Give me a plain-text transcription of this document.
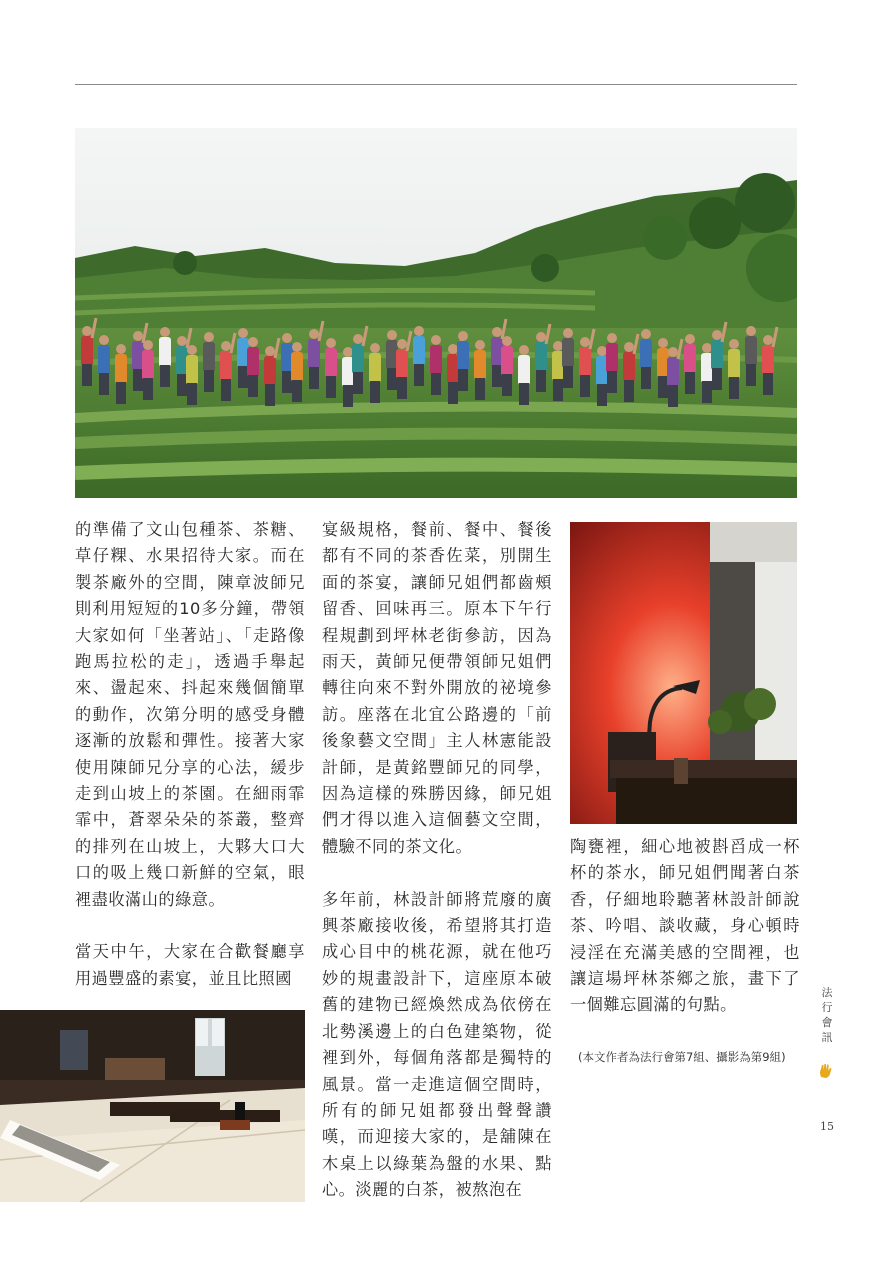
的準備了文山包種茶、茶糖、草仔粿、水果招待大家。而在製茶廠外的空間，陳章波師兄則利用短短的10多分鐘，帶領大家如何「坐著站」、「走路像跑馬拉松的走」，透過手舉起來、盪起來、抖起來幾個簡單的動作，次第分明的感受身體逐漸的放鬆和彈性。接著大家使用陳師兄分享的心法，緩步走到山坡上的茶園。在細雨霏霏中，蒼翠朵朵的茶叢，整齊的排列在山坡上，大夥大口大口的吸上幾口新鮮的空氣，眼裡盡收滿山的綠意。

當天中午，大家在合歡餐廳享用過豐盛的素宴，並且比照國

宴級規格，餐前、餐中、餐後都有不同的茶香佐菜，別開生面的茶宴，讓師兄姐們都齒頰留香、回味再三。原本下午行程規劃到坪林老街參訪，因為雨天，黃師兄便帶領師兄姐們轉往向來不對外開放的祕境參訪。座落在北宜公路邊的「前後象藝文空間」主人林憲能設計師，是黃銘豐師兄的同學，因為這樣的殊勝因緣，師兄姐們才得以進入這個藝文空間，體驗不同的茶文化。

多年前，林設計師將荒廢的廣興茶廠接收後，希望將其打造成心目中的桃花源，就在他巧妙的規畫設計下，這座原本破舊的建物已經煥然成為依傍在北勢溪邊上的白色建築物，從裡到外，每個角落都是獨特的風景。當一走進這個空間時，所有的師兄姐都發出聲聲讚嘆，而迎接大家的，是舖陳在木桌上以綠葉為盤的水果、點心。淡麗的白茶，被熬泡在

陶甕裡，細心地被斟舀成一杯杯的茶水，師兄姐們聞著白茶香，仔細地聆聽著林設計師說茶、吟唱、談收藏，身心頓時浸淫在充滿美感的空間裡，也讓這場坪林茶鄉之旅，畫下了一個難忘圓滿的句點。

(本文作者為法行會第7組、攝影為第9組)
法
行
會
訊
15
